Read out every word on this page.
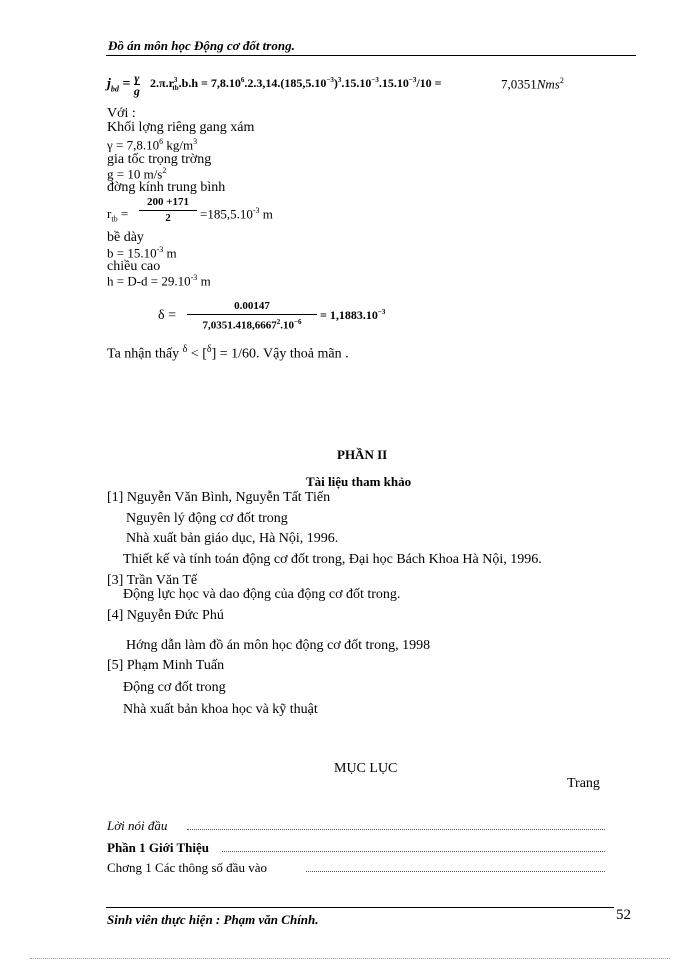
Đồ án môn học Động cơ đốt trong.
$j_{bd} = \frac{\gamma}{g} 2.\pi.r^3_{tb}.b.h = 7,8.10^6.2.3,14.(185,5.10^{-3})^3.15.10^{-3}.15.10^{-3}/10$ =	7,0351Nms$^2$
Với :
Khối lợng riêng gang xám
$\gamma = 7,8.10^6$ $kg/m^3$
gia tốc trọng trờng
g = 10 $m/s^2$
đờng kính trung bình
$r_{tb}$ =
200 +171
2	$=185,5.10^{-3}$ m
bề dày
$b = 15.10^{-3}$ m
chiều cao
$h = D-d = 29.10^{-3}$ m
δ =
0.00147
$7,0351.418,6667^2.10^{-6}$	= $1,1883.10^{-3}$
Ta nhận thấy $^\delta$ < [$^\delta$] = 1/60. Vậy thoả mãn .
PHẦN II
Tài liệu tham khảo
[1] Nguyễn Văn Bình, Nguyễn Tất Tiến
Nguyên lý động cơ đốt trong
Nhà xuất bản giáo dục, Hà Nội, 1996.
Thiết kế và tính toán động cơ đốt trong, Đại học Bách Khoa Hà Nội, 1996.
[3] Trần Văn Tế
Động lực học và dao động của động cơ đốt trong.
[4] Nguyễn Đức Phú
Hớng dẫn làm đồ án môn học động cơ đốt trong, 1998
[5] Phạm Minh Tuấn
Động cơ đốt trong
Nhà xuất bản khoa học và kỹ thuật
MỤC LỤC
Trang
Lời nói đầu
Phần 1 Giới Thiệu
Chơng 1 Các thông số đầu vào
Sinh viên thực hiện : Phạm văn Chính.	52
